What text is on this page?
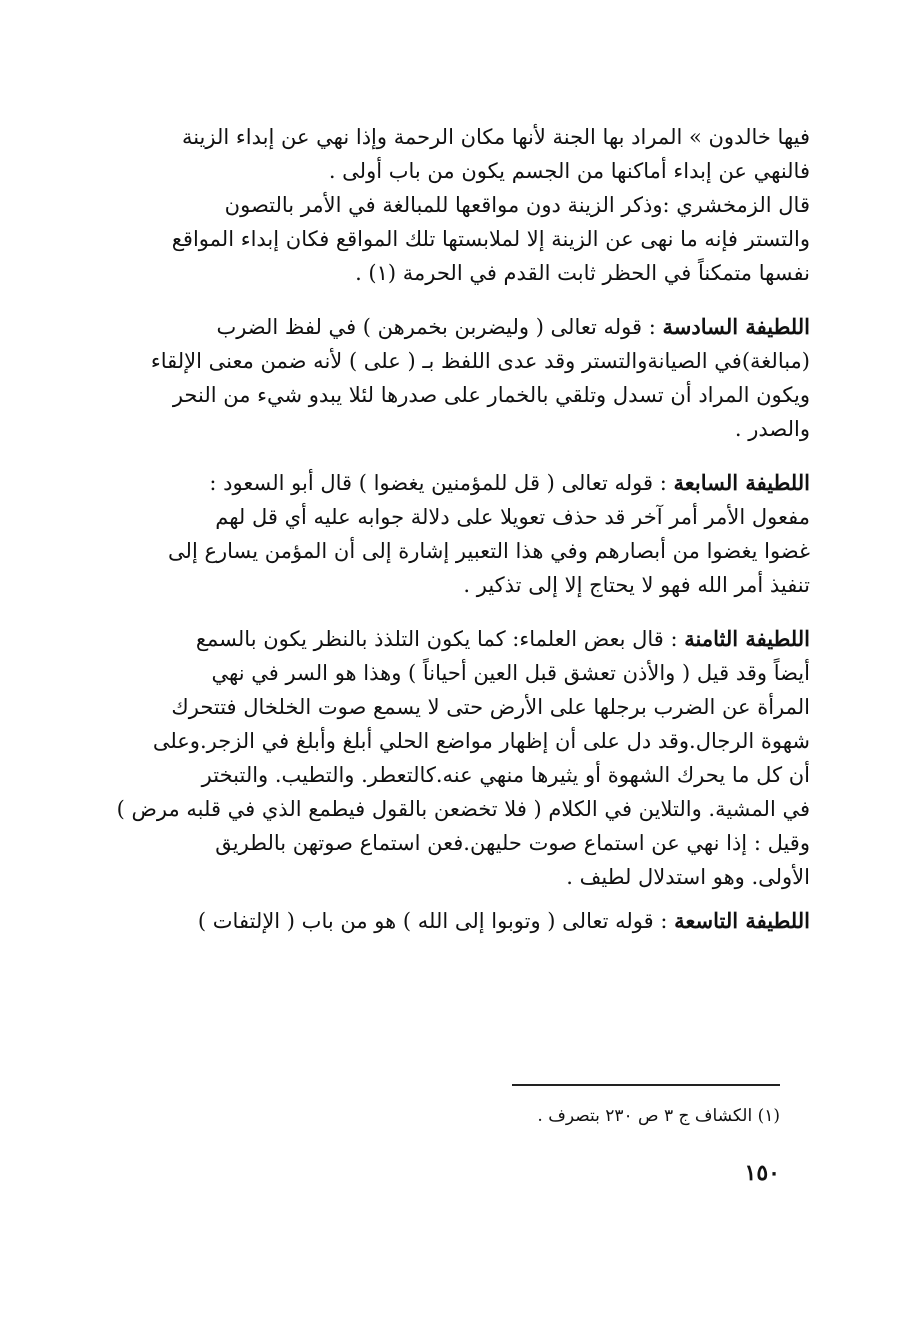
فيها خالدون » المراد بها الجنة لأنها مكان الرحمة وإذا نهي عن إبداء الزينة
فالنهي عن إبداء أماكنها من الجسم يكون من باب أولى .
قال الزمخشري :وذكر الزينة دون مواقعها للمبالغة في الأمر بالتصون
والتستر فإنه ما نهى عن الزينة إلا لملابستها تلك المواقع فكان إبداء المواقع
نفسها متمكناً في الحظر ثابت القدم في الحرمة (١) .
اللطيفة السادسة : قوله تعالى ( وليضربن بخمرهن ) في لفظ الضرب
(مبالغة)في الصيانةوالتستر وقد عدى اللفظ بـ ( على ) لأنه ضمن معنى الإلقاء
ويكون المراد أن تسدل وتلقي بالخمار على صدرها لئلا يبدو شيء من النحر
والصدر .
اللطيفة السابعة : قوله تعالى ( قل للمؤمنين يغضوا ) قال أبو السعود :
مفعول الأمر أمر آخر قد حذف تعويلا على دلالة جوابه عليه أي قل لهم
غضوا يغضوا من أبصارهم وفي هذا التعبير إشارة إلى أن المؤمن يسارع إلى
تنفيذ أمر الله فهو لا يحتاج إلا إلى تذكير .
اللطيفة الثامنة : قال بعض العلماء: كما يكون التلذذ بالنظر يكون بالسمع
أيضاً وقد قيل ( والأذن تعشق قبل العين أحياناً ) وهذا هو السر في نهي
المرأة عن الضرب برجلها على الأرض حتى لا يسمع صوت الخلخال فتتحرك
شهوة الرجال.وقد دل على أن إظهار مواضع الحلي أبلغ وأبلغ في الزجر.وعلى
أن كل ما يحرك الشهوة أو يثيرها منهي عنه.كالتعطر. والتطيب. والتبختر
في المشية. والتلاين في الكلام ( فلا تخضعن بالقول فيطمع الذي في قلبه مرض )
وقيل : إذا نهي عن استماع صوت حليهن.فعن استماع صوتهن بالطريق
الأولى. وهو استدلال لطيف .
اللطيفة التاسعة : قوله تعالى ( وتوبوا إلى الله ) هو من باب ( الإلتفات )
(١) الكشاف ج ٣ ص ٢٣٠ بتصرف .
١٥٠
